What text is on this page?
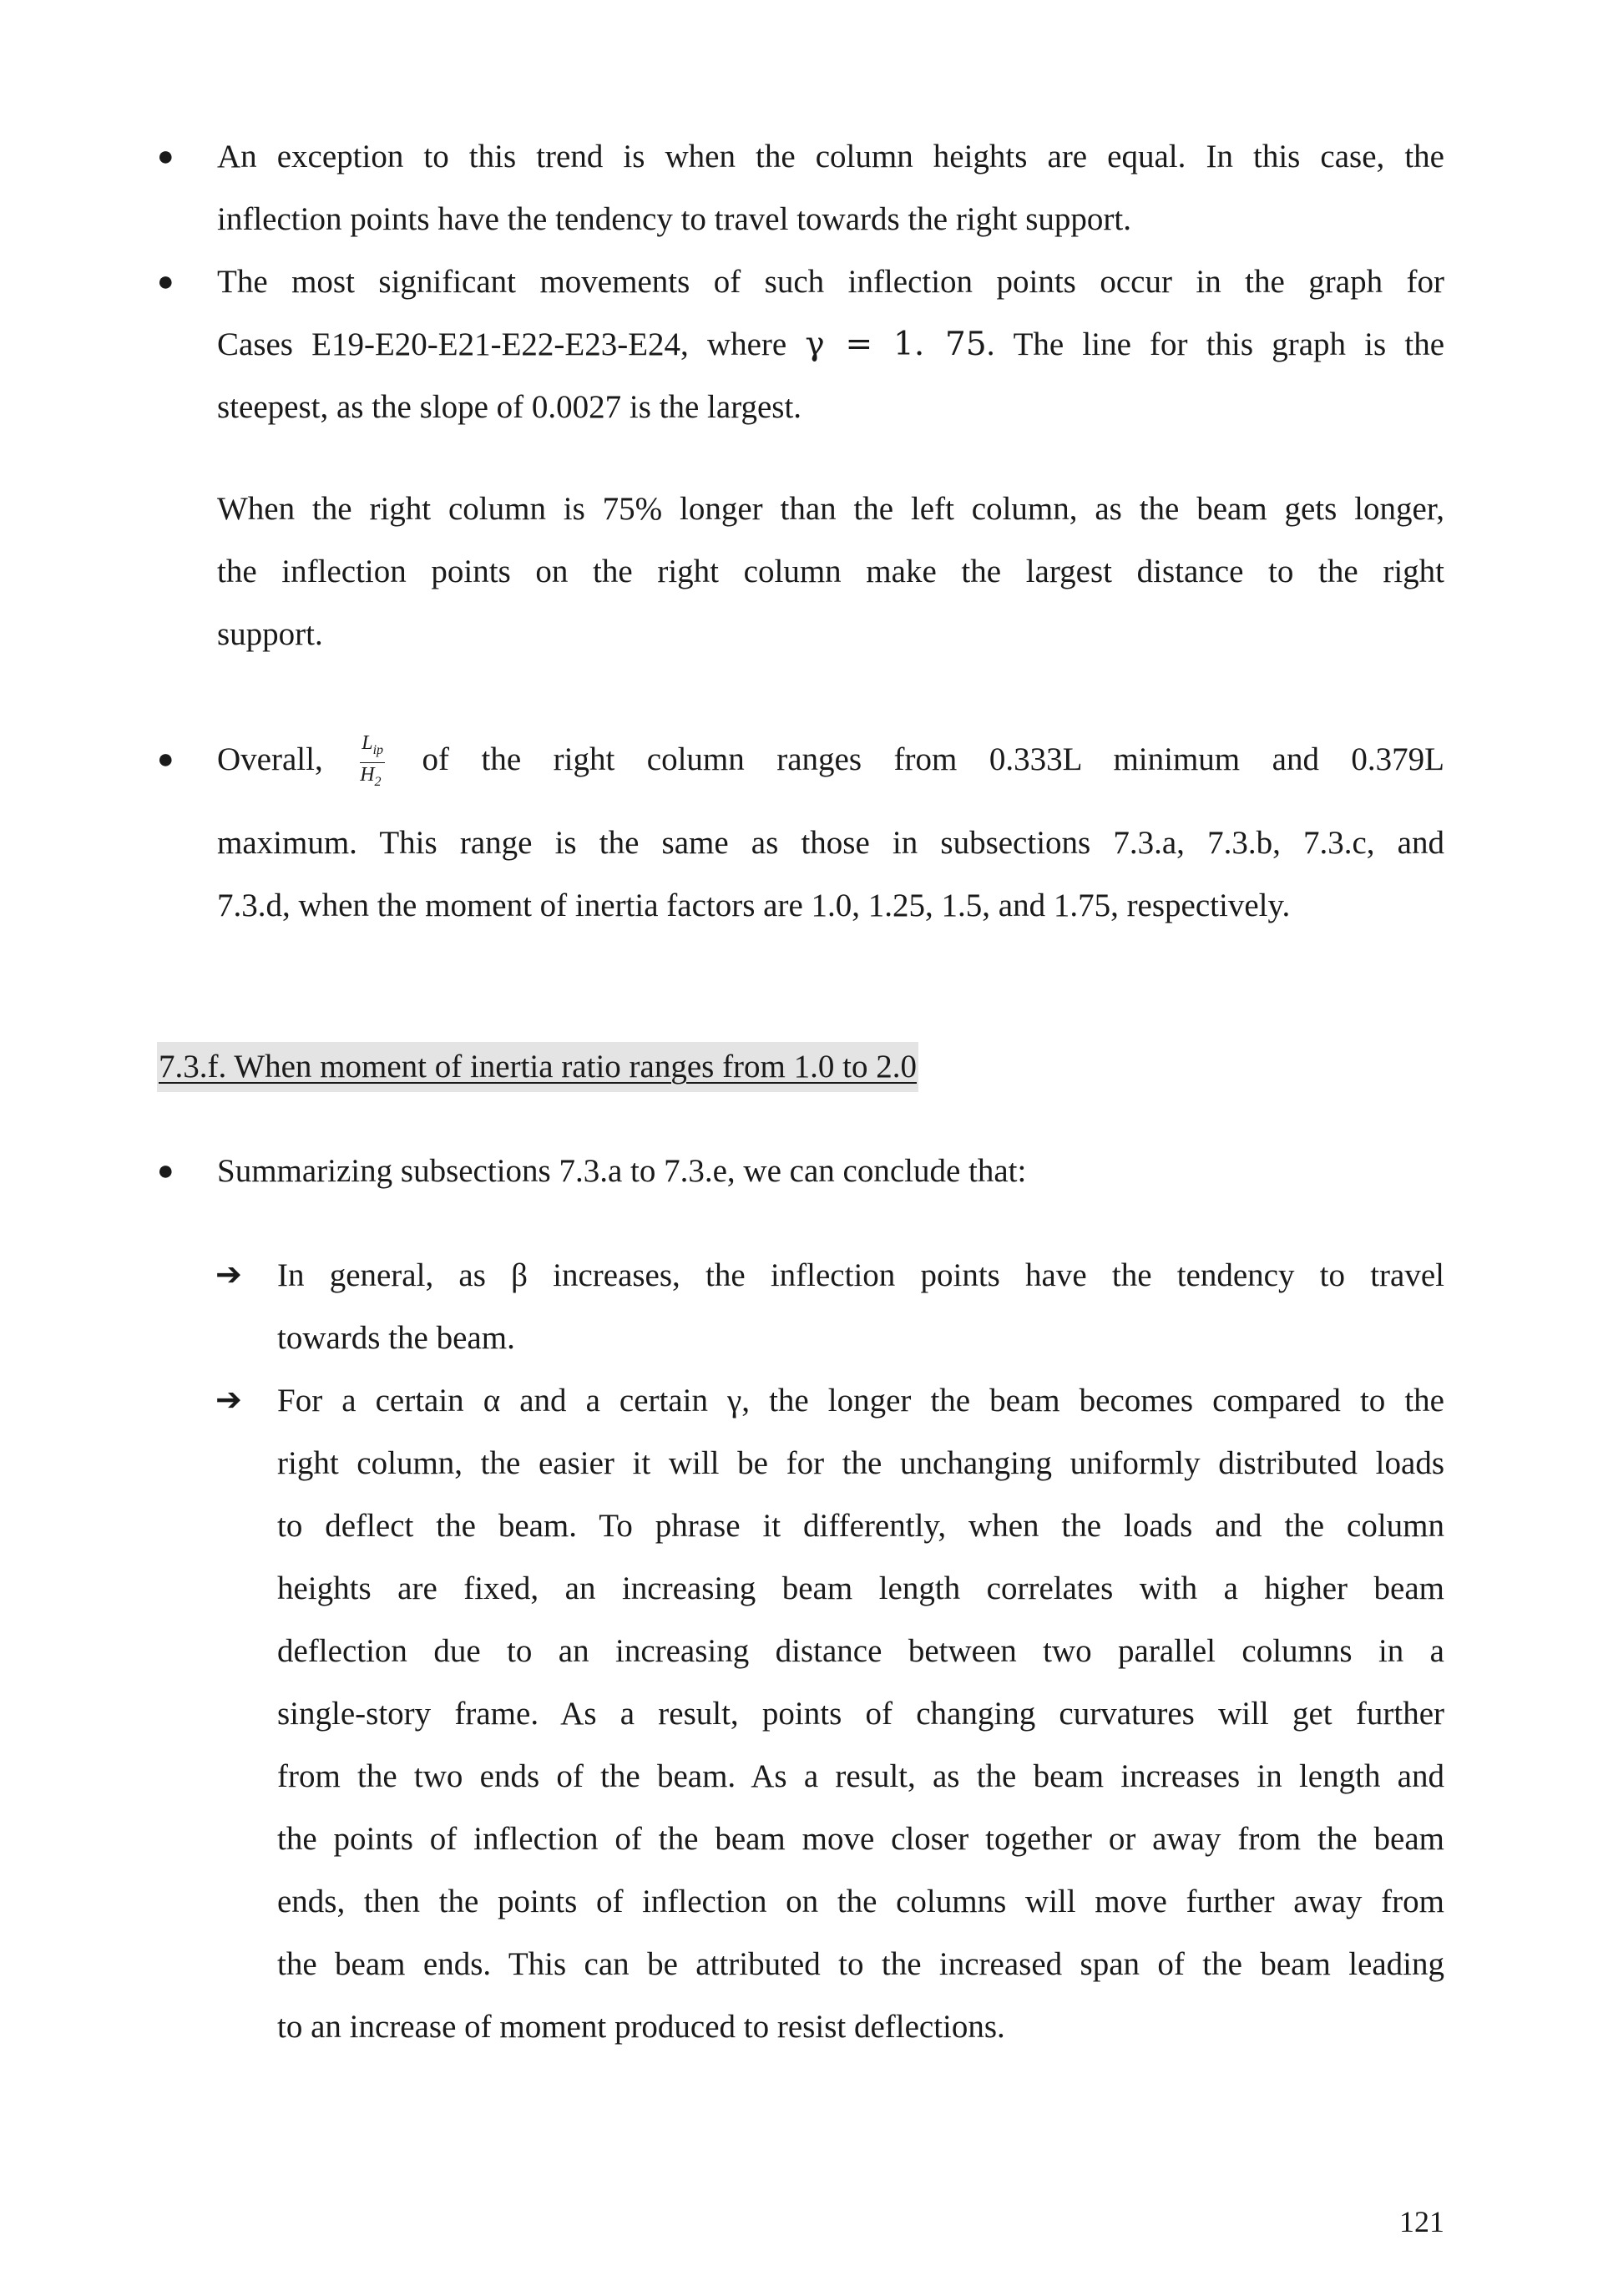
● An exception to this trend is when the column heights are equal. In this case, the
inflection points have the tendency to travel towards the right support.
● The most significant movements of such inflection points occur in the graph for
Cases E19-E20-E21-E22-E23-E24, where γ = 1. 75. The line for this graph is the
steepest, as the slope of 0.0027 is the largest.
When the right column is 75% longer than the left column, as the beam gets longer,
the inflection points on the right column make the largest distance to the right
support.
● Overall, $\frac{L_{ip}}{H_2}$ of the right column ranges from 0.333L minimum and 0.379L
maximum. This range is the same as those in subsections 7.3.a, 7.3.b, 7.3.c, and
7.3.d, when the moment of inertia factors are 1.0, 1.25, 1.5, and 1.75, respectively.
7.3.f. When moment of inertia ratio ranges from 1.0 to 2.0
● Summarizing subsections 7.3.a to 7.3.e, we can conclude that:
➔ In general, as β increases, the inflection points have the tendency to travel
towards the beam.
➔ For a certain α and a certain γ, the longer the beam becomes compared to the
right column, the easier it will be for the unchanging uniformly distributed loads
to deflect the beam. To phrase it differently, when the loads and the column
heights are fixed, an increasing beam length correlates with a higher beam
deflection due to an increasing distance between two parallel columns in a
single-story frame. As a result, points of changing curvatures will get further
from the two ends of the beam. As a result, as the beam increases in length and
the points of inflection of the beam move closer together or away from the beam
ends, then the points of inflection on the columns will move further away from
the beam ends. This can be attributed to the increased span of the beam leading
to an increase of moment produced to resist deflections.
121
